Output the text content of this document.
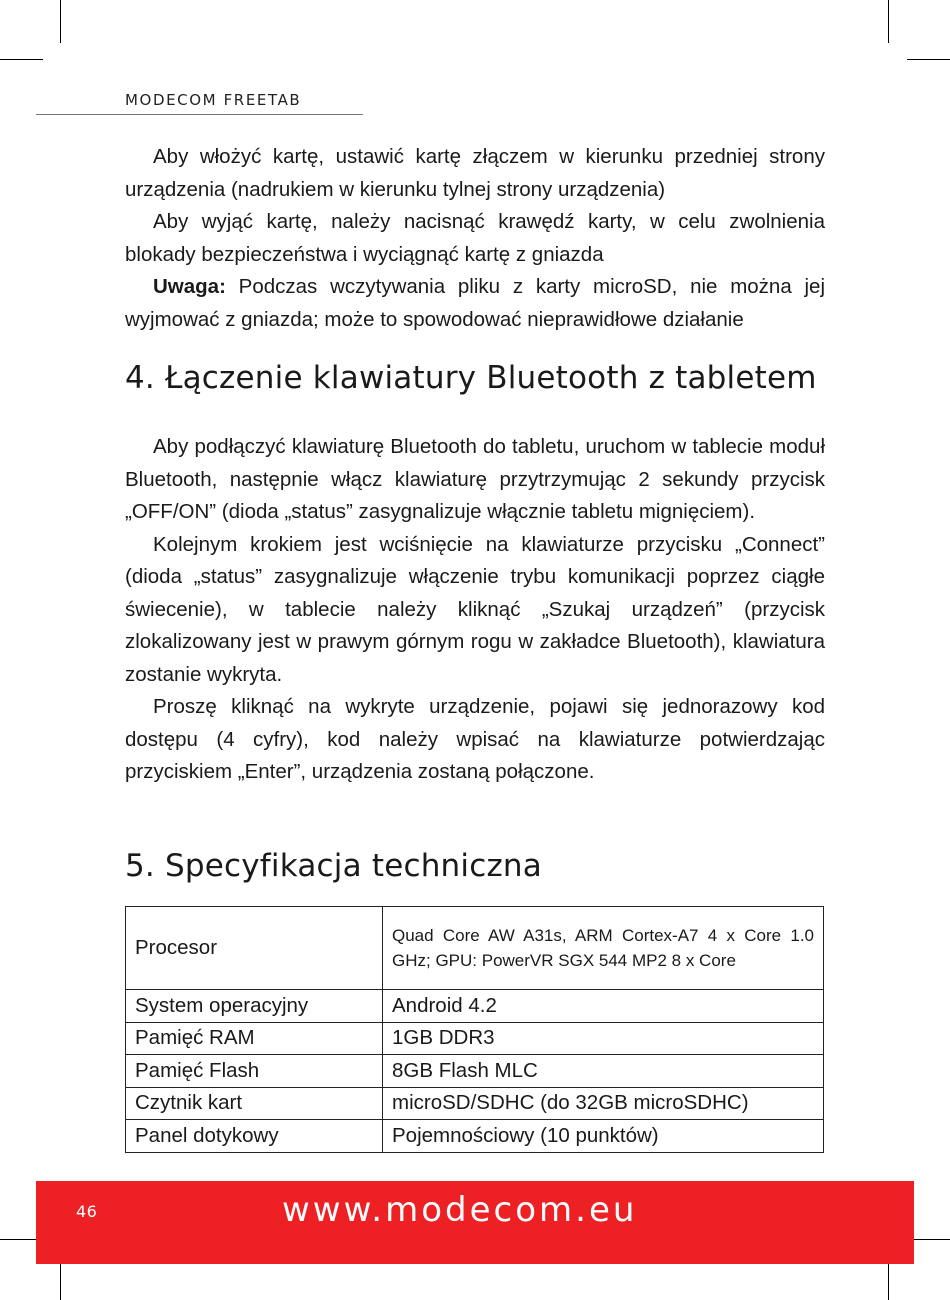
MODECOM FREETAB

Aby włożyć kartę, ustawić kartę złączem w kierunku przedniej strony urządzenia (nadrukiem w kierunku tylnej strony urządzenia)

Aby wyjąć kartę, należy nacisnąć krawędź karty, w celu zwolnienia blokady bezpieczeństwa i wyciągnąć kartę z gniazda

Uwaga: Podczas wczytywania pliku z karty microSD, nie można jej wyjmować z gniazda; może to spowodować nieprawidłowe działanie

4. Łączenie klawiatury Bluetooth z tabletem

Aby podłączyć klawiaturę Bluetooth do tabletu, uruchom w tablecie moduł Bluetooth, następnie włącz klawiaturę przytrzymując 2 sekundy przycisk „OFF/ON” (dioda „status” zasygnalizuje włącznie tabletu mignięciem).

Kolejnym krokiem jest wciśnięcie na klawiaturze przycisku „Connect” (dioda „status” zasygnalizuje włączenie trybu komunikacji poprzez ciągłe świecenie), w tablecie należy kliknąć „Szukaj urządzeń” (przycisk zlokalizowany jest w prawym górnym rogu w zakładce Bluetooth), klawiatura zostanie wykryta.

Proszę kliknąć na wykryte urządzenie, pojawi się jednorazowy kod dostępu (4 cyfry), kod należy wpisać na klawiaturze potwierdzając przyciskiem „Enter”, urządzenia zostaną połączone.

5. Specyfikacja techniczna
Procesor	Quad Core AW A31s, ARM Cortex-A7 4 x Core 1.0 GHz; GPU: PowerVR SGX 544 MP2 8 x Core
System operacyjny	Android 4.2
Pamięć RAM	1GB DDR3
Pamięć Flash	8GB Flash MLC
Czytnik kart	microSD/SDHC (do 32GB microSDHC)
Panel dotykowy	Pojemnościowy (10 punktów)
46	www.modecom.eu
